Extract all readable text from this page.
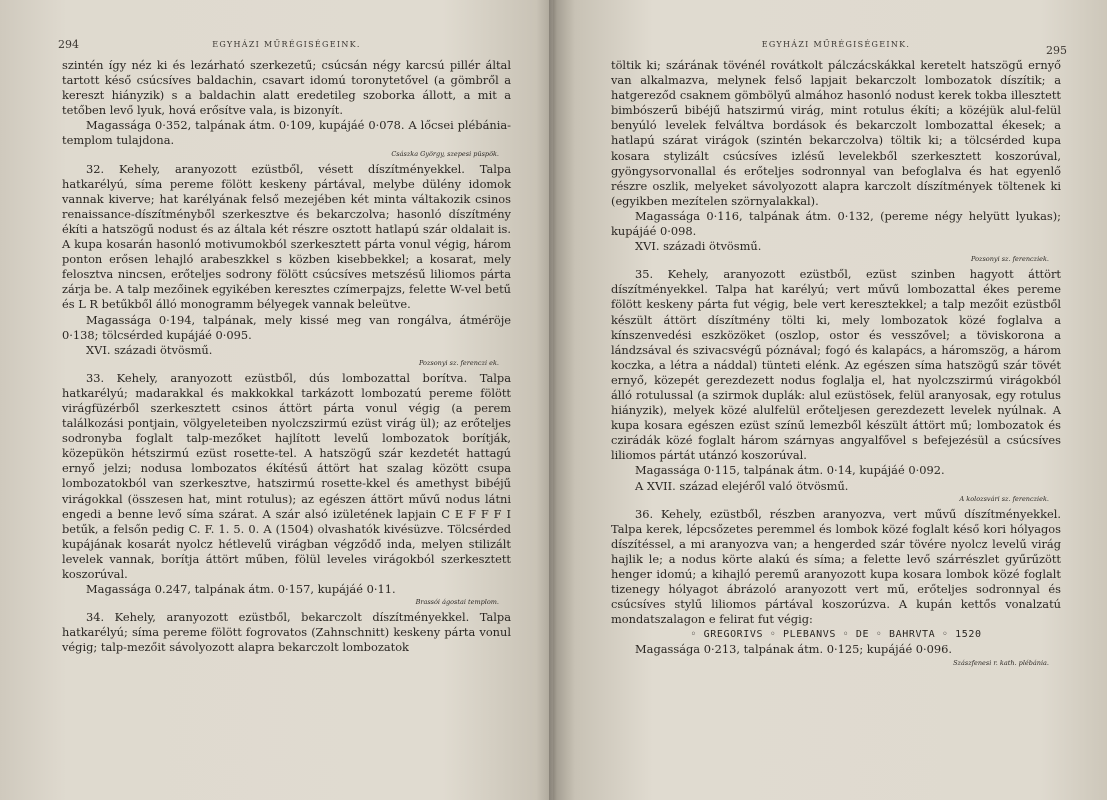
294	EGYHÁZI MŰRÉGISÉGEINK.

szintén így néz ki és lezárható szerkezetű; csúcsán négy karcsú pillér által tartott késő csúcsíves baldachin, csavart idomú toronytetővel (a gömbről a kereszt hiányzik) s a baldachin alatt eredetileg szoborka állott, a mit a tetőben levő lyuk, hová erősítve vala, is bizonyít.

Magassága 0·352, talpának átm. 0·109, kupájáé 0·078. A lőcsei plébánia-templom tulajdona.

Császka György, szepesi püspök.

32. Kehely, aranyozott ezüstből, vésett díszítményekkel. Talpa hatkarélyú, síma pereme fölött keskeny pártával, melybe dülény idomok vannak kiverve; hat karélyának felső mezejében két minta váltakozik csinos renaissance-díszítményből szerkesztve és bekarczolva; hasonló díszítmény ékíti a hatszögű nodust és az általa két részre osztott hatlapú szár oldalait is. A kupa kosarán hasonló motivumokból szerkesztett párta vonul végig, három ponton erősen lehajló arabeszkkel s közben kisebbekkel; a kosarat, mely felosztva nincsen, erőteljes sodrony fölött csúcsíves metszésű liliomos párta zárja be. A talp mezőinek egyikében keresztes czímerpajzs, felette W-vel betű és L R betűkből álló monogramm bélyegek vannak beleütve.

Magassága 0·194, talpának, mely kissé meg van rongálva, átméröje 0·138; tölcsérded kupájáé 0·095.

XVI. századi ötvösmű.

Pozsonyi sz. ferenczi ek.

33. Kehely, aranyozott ezüstből, dús lombozattal borítva. Talpa hatkarélyú; madarakkal és makkokkal tarkázott lombozatú pereme fölött virágfüzérből szerkesztett csinos áttört párta vonul végig (a perem találkozási pontjain, völgyeleteiben nyolczszirmú ezüst virág ül); az erőteljes sodronyba foglalt talp-mezőket hajlított levelű lombozatok borítják, közepükön hétszirmú ezüst rosette-tel. A hatszögű szár kezdetét hattagú ernyő jelzi; nodusa lombozatos ékítésű áttört hat szalag között csupa lombozatokból van szerkesztve, hatszirmú rosette-kkel és amethyst bibéjű virágokkal (összesen hat, mint rotulus); az egészen áttört művű nodus látni engedi a benne levő síma szárat. A szár alsó izületének lapjain C E F F F I betűk, a felsőn pedig C. F. 1. 5. 0. A (1504) olvashatók kivésüzve. Tölcsérded kupájának kosarát nyolcz hétlevelű virágban végződő inda, melyen stilizált levelek vannak, borítja áttört műben, fölül leveles virágokból szerkesztett koszorúval.

Magassága 0.247, talpának átm. 0·157, kupájáé 0·11.

Brassói ágostai templom.

34. Kehely, aranyozott ezüstből, bekarczolt díszítményekkel. Talpa hatkarélyú; síma pereme fölött fogrovatos (Zahnschnitt) keskeny párta vonul végig; talp-mezőit sávolyozott alapra bekarczolt lombozatok

EGYHÁZI MŰRÉGISÉGEINK.	295

töltik ki; szárának tövénél rovátkolt pálczácskákkal keretelt hatszögű ernyő van alkalmazva, melynek felső lapjait bekarczolt lombozatok díszítik; a hatgereződ csaknem gömbölyű almához hasonló nodust kerek tokba illesztett bimbószerű bibéjű hatszirmú virág, mint rotulus ékíti; a közéjük alul-felül benyúló levelek felváltva bordások és bekarczolt lombozattal ékesek; a hatlapú szárat virágok (szintén bekarczolva) töltik ki; a tölcsérded kupa kosara stylizált csúcsíves izlésű levelekből szerkesztett koszorúval, gyöngysorvonallal és erőteljes sodronnyal van befoglalva és hat egyenlő részre oszlik, melyeket sávolyozott alapra karczolt díszítmények töltenek ki (egyikben mezítelen szörnyalakkal).

Magassága 0·116, talpának átm. 0·132, (pereme négy helyütt lyukas); kupájáé 0·098.

XVI. századi ötvösmű.

Pozsonyi sz. ferencziek.

35. Kehely, aranyozott ezüstből, ezüst szinben hagyott áttört díszítményekkel. Talpa hat karélyú; vert művű lombozattal ékes pereme fölött keskeny párta fut végig, bele vert keresztekkel; a talp mezőit ezüstből készült áttört díszítmény tölti ki, mely lombozatok közé foglalva a kínszenvedési eszközöket (oszlop, ostor és vesszővel; a töviskorona a lándzsával és szivacsvégű póznával; fogó és kalapács, a háromszög, a három koczka, a létra a náddal) tünteti elénk. Az egészen síma hatszögű szár tövét ernyő, közepét gerezdezett nodus foglalja el, hat nyolczszirmú virágokból álló rotulussal (a szirmok duplák: alul ezüstösek, felül aranyosak, egy rotulus hiányzik), melyek közé alulfelül erőteljesen gerezdezett levelek nyúlnak. A kupa kosara egészen ezüst színű lemezből készült áttört mű; lombozatok és czirádák közé foglalt három szárnyas angyalfővel s befejezésül a csúcsíves liliomos pártát utánzó koszorúval.

Magassága 0·115, talpának átm. 0·14, kupájáé 0·092.

A XVII. század elejéről való ötvösmű.

A kolozsvári sz. ferencziek.

36. Kehely, ezüstből, részben aranyozva, vert művű díszítményekkel. Talpa kerek, lépcsőzetes peremmel és lombok közé foglalt késő kori hólyagos díszítéssel, a mi aranyozva van; a hengerded szár tövére nyolcz levelű virág hajlik le; a nodus körte alakú és síma; a felette levő szárrészlet gyűrűzött henger idomú; a kihajló peremű aranyozott kupa kosara lombok közé foglalt tizenegy hólyagot ábrázoló aranyozott vert mű, erőteljes sodronnyal és csúcsíves stylű liliomos pártával koszorúzva. A kupán kettős vonalzatú mondatszalagon e felirat fut végig:

◦ GREGORIVS ◦ PLEBANVS ◦ DE ◦ BAHRVTA ◦ 1520

Magassága 0·213, talpának átm. 0·125; kupájáé 0·096.

Szászfenesi r. kath. plébánia.
